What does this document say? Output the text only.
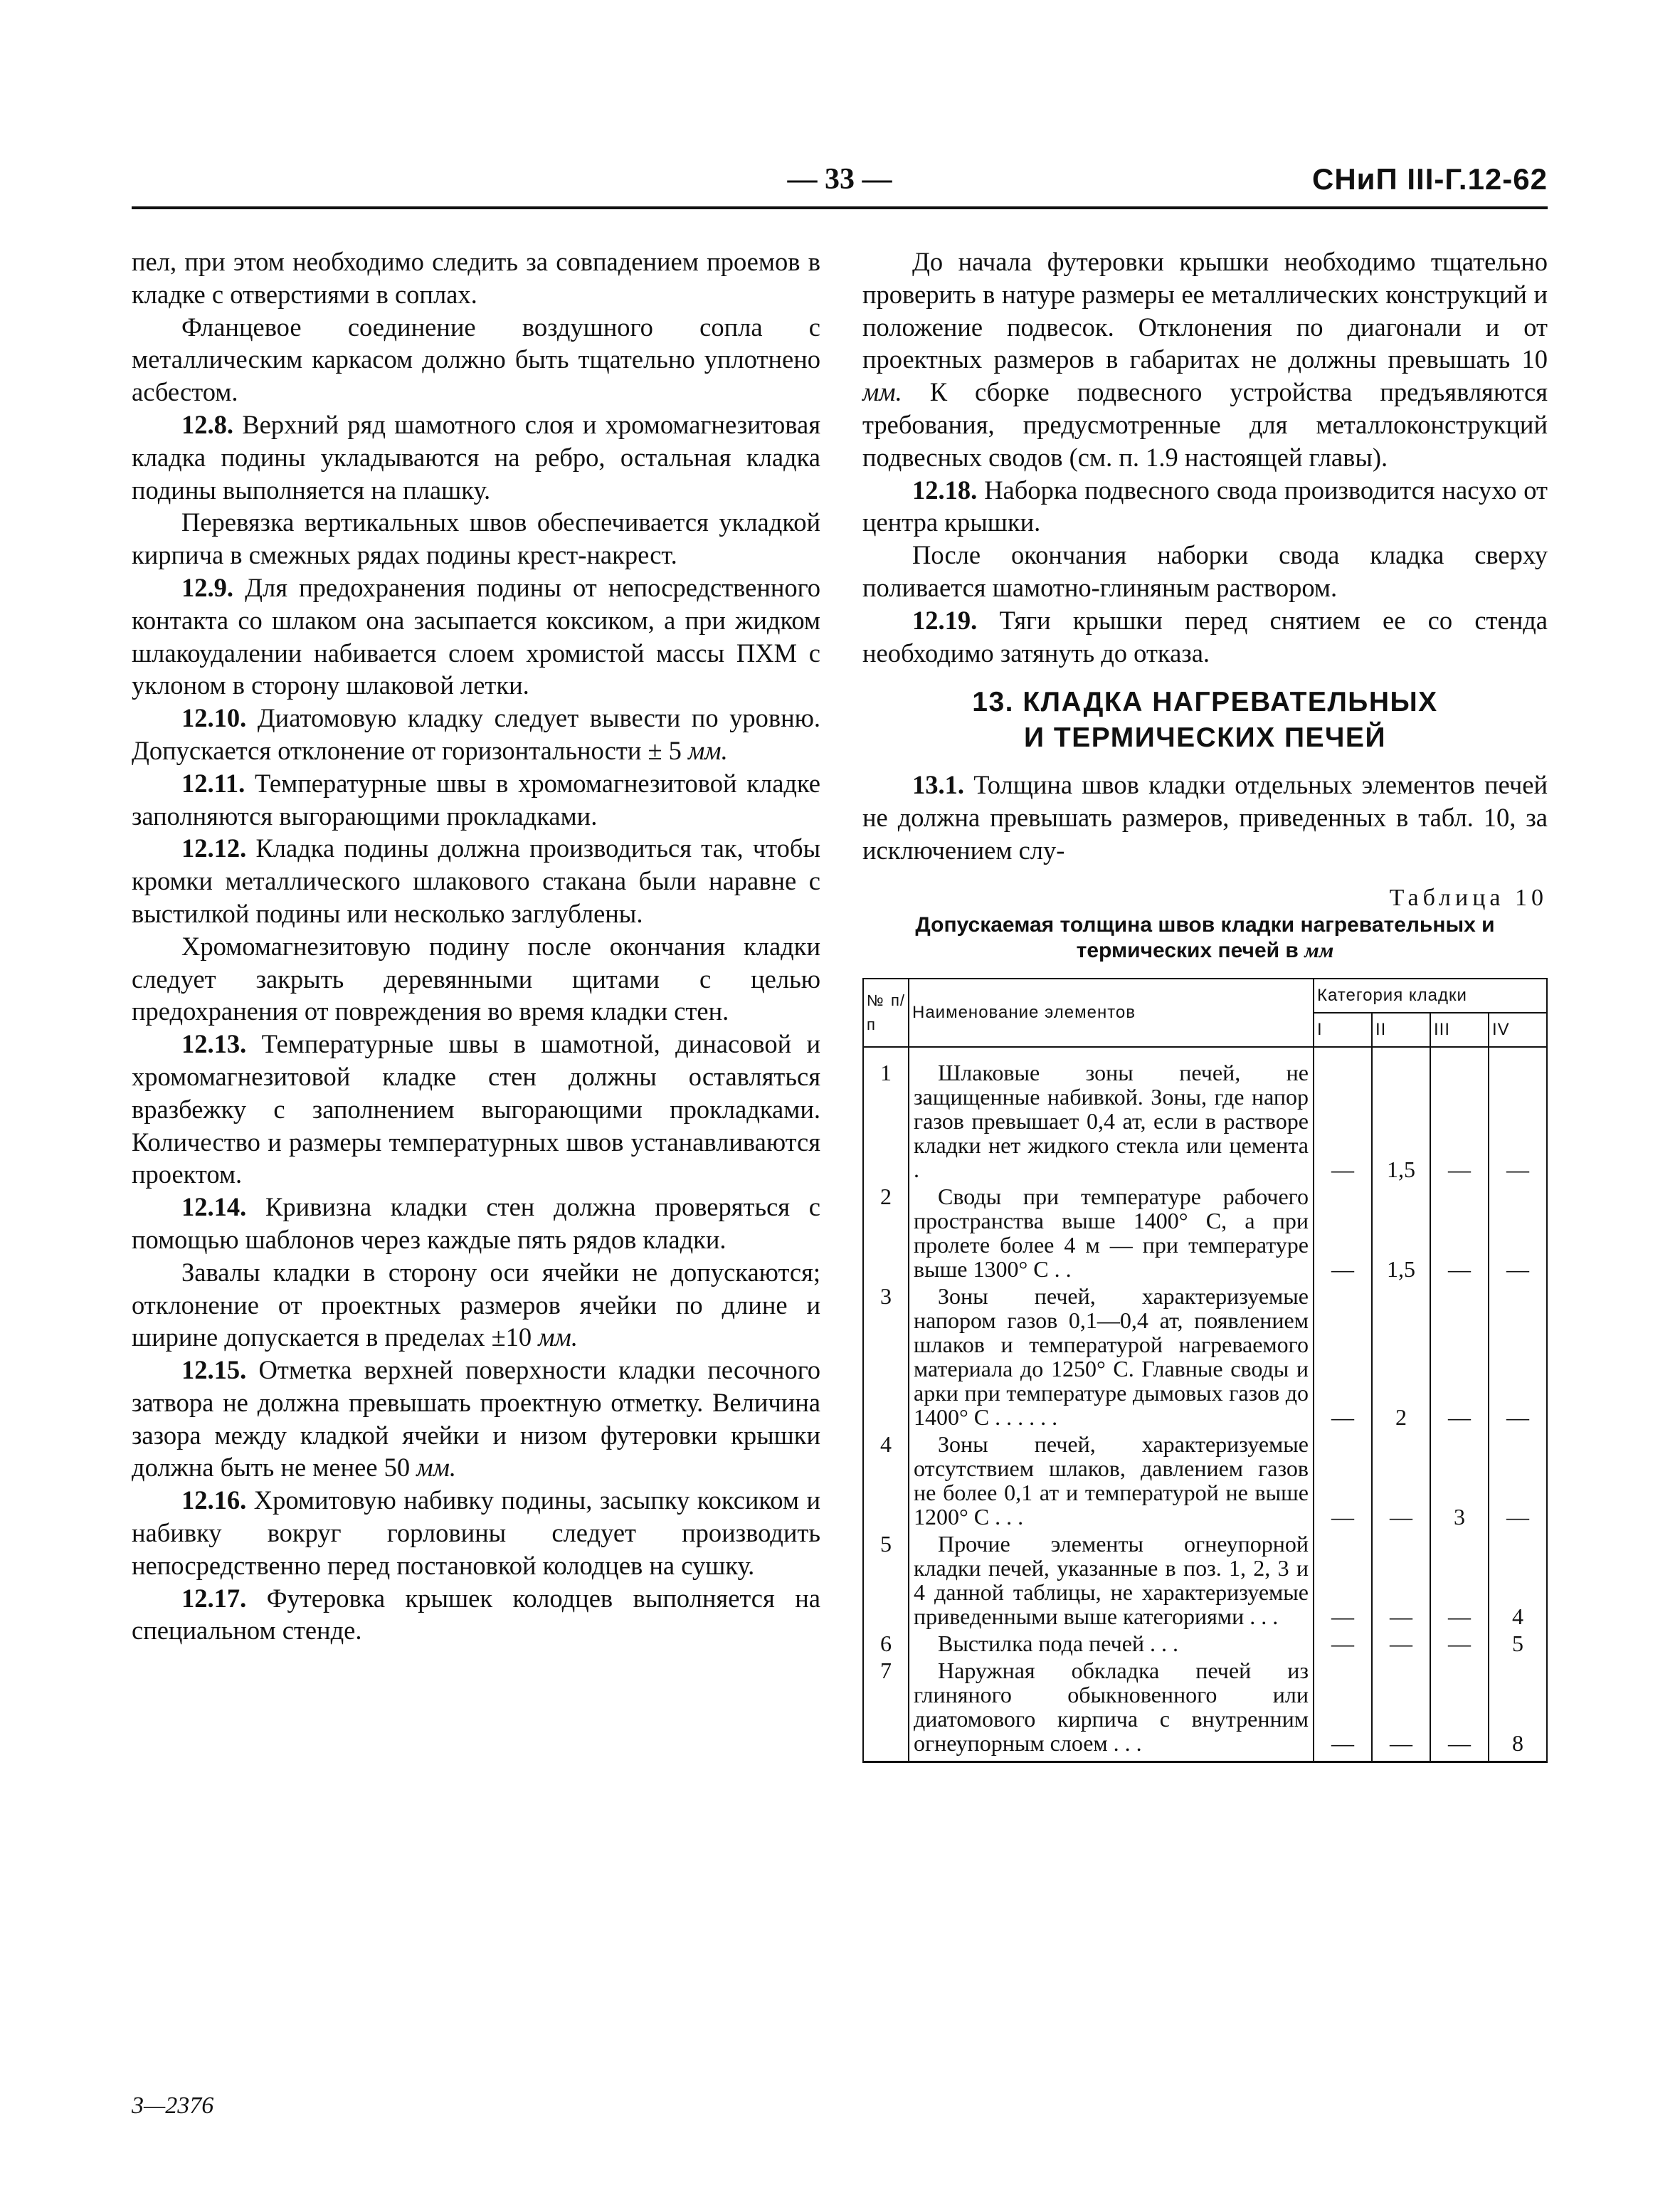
— 33 —	СНиП III-Г.12-62

пел, при этом необходимо следить за совпадением проемов в кладке с отверстиями в соплах.

Фланцевое соединение воздушного сопла с металлическим каркасом должно быть тщательно уплотнено асбестом.

12.8. Верхний ряд шамотного слоя и хромомагнезитовая кладка подины укладываются на ребро, остальная кладка подины выполняется на плашку.

Перевязка вертикальных швов обеспечивается укладкой кирпича в смежных рядах подины крест-накрест.

12.9. Для предохранения подины от непосредственного контакта со шлаком она засыпается коксиком, а при жидком шлакоудалении набивается слоем хромистой массы ПХМ с уклоном в сторону шлаковой летки.

12.10. Диатомовую кладку следует вывести по уровню. Допускается отклонение от горизонтальности ± 5 мм.

12.11. Температурные швы в хромомагнезитовой кладке заполняются выгорающими прокладками.

12.12. Кладка подины должна производиться так, чтобы кромки металлического шлакового стакана были наравне с выстилкой подины или несколько заглублены.

Хромомагнезитовую подину после окончания кладки следует закрыть деревянными щитами с целью предохранения от повреждения во время кладки стен.

12.13. Температурные швы в шамотной, динасовой и хромомагнезитовой кладке стен должны оставляться вразбежку с заполнением выгорающими прокладками. Количество и размеры температурных швов устанавливаются проектом.

12.14. Кривизна кладки стен должна проверяться с помощью шаблонов через каждые пять рядов кладки.

Завалы кладки в сторону оси ячейки не допускаются; отклонение от проектных размеров ячейки по длине и ширине допускается в пределах ±10 мм.

12.15. Отметка верхней поверхности кладки песочного затвора не должна превышать проектную отметку. Величина зазора между кладкой ячейки и низом футеровки крышки должна быть не менее 50 мм.

12.16. Хромитовую набивку подины, засыпку коксиком и набивку вокруг горловины следует производить непосредственно перед постановкой колодцев на сушку.

12.17. Футеровка крышек колодцев выполняется на специальном стенде.

До начала футеровки крышки необходимо тщательно проверить в натуре размеры ее металлических конструкций и положение подвесок. Отклонения по диагонали и от проектных размеров в габаритах не должны превышать 10 мм. К сборке подвесного устройства предъявляются требования, предусмотренные для металлоконструкций подвесных сводов (см. п. 1.9 настоящей главы).

12.18. Наборка подвесного свода производится насухо от центра крышки.

После окончания наборки свода кладка сверху поливается шамотно-глиняным раствором.

12.19. Тяги крышки перед снятием ее со стенда необходимо затянуть до отказа.

13. КЛАДКА НАГРЕВАТЕЛЬНЫХ
И ТЕРМИЧЕСКИХ ПЕЧЕЙ

13.1. Толщина швов кладки отдельных элементов печей не должна превышать размеров, приведенных в табл. 10, за исключением слу-

Таблица 10
Допускаемая толщина швов кладки нагревательных и термических печей в мм
№ п/п	Наименование элементов	Категория кладки			
		I	II	III	IV
1	Шлаковые зоны печей, не защищенные набивкой. Зоны, где напор газов превышает 0,4 ат, если в растворе кладки нет жидкого стекла или цемента .	—	1,5	—	—
2	Своды при температуре рабочего пространства выше 1400° С, а при пролете более 4 м — при температуре выше 1300° С . .	—	1,5	—	—
3	Зоны печей, характеризуемые напором газов 0,1—0,4 ат, появлением шлаков и температурой нагреваемого материала до 1250° С. Главные своды и арки при температуре дымовых газов до 1400° С . . . . . .	—	2	—	—
4	Зоны печей, характеризуемые отсутствием шлаков, давлением газов не более 0,1 ат и температурой не выше 1200° С . . .	—	—	3	—
5	Прочие элементы огнеупорной кладки печей, указанные в поз. 1, 2, 3 и 4 данной таблицы, не характеризуемые приведенными выше категориями . . .	—	—	—	4
6	Выстилка пода печей . . .	—	—	—	5
7	Наружная обкладка печей из глиняного обыкновенного или диатомового кирпича с внутренним огнеупорным слоем . . .	—	—	—	8
3—2376
